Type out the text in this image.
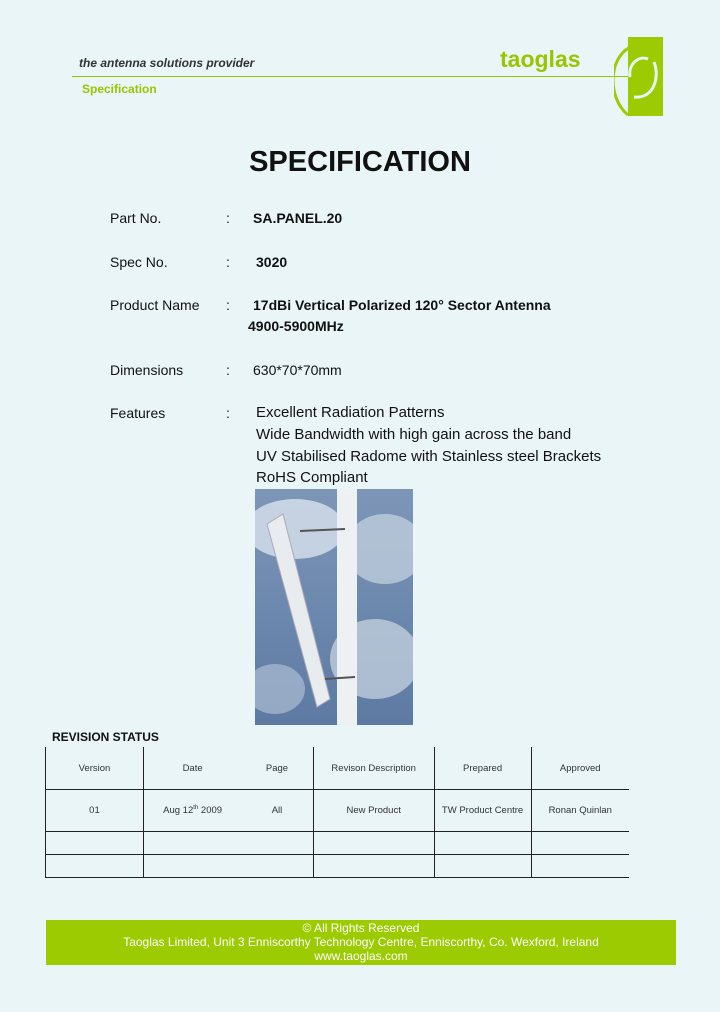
the antenna solutions provider
Specification
taoglas
SPECIFICATION
Part No.	: SA.PANEL.20
Spec No.	: 3020
Product Name : 17dBi Vertical Polarized 120° Sector Antenna
4900-5900MHz
Dimensions	: 630*70*70mm
Features	: Excellent Radiation Patterns
Wide Bandwidth with high gain across the band
UV Stabilised Radome with Stainless steel Brackets
RoHS Compliant
REVISION STATUS
Version	Date	Page	Revison Description	Prepared	Approved
01	Aug 12th 2009	All	New Product	TW Product Centre	Ronan Quinlan

© All Rights Reserved
Taoglas Limited, Unit 3 Enniscorthy Technology Centre, Enniscorthy, Co. Wexford, Ireland
www.taoglas.com
